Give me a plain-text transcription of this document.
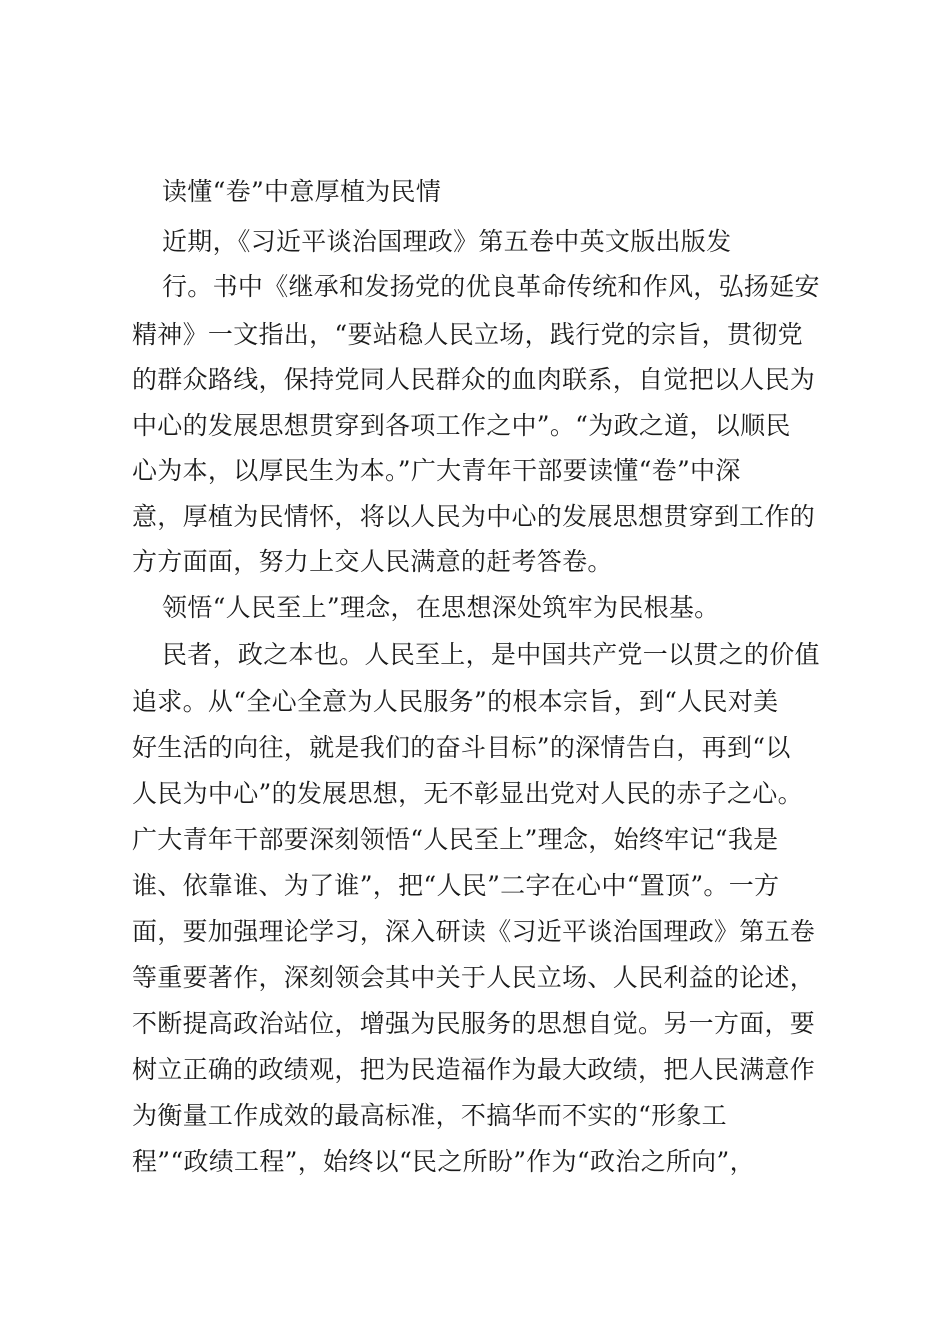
读懂“卷”中意厚植为民情
近期，《习近平谈治国理政》第五卷中英文版出版发
行。书中《继承和发扬党的优良革命传统和作风，弘扬延安
精神》一文指出，“要站稳人民立场，践行党的宗旨，贯彻党
的群众路线，保持党同人民群众的血肉联系，自觉把以人民为
中心的发展思想贯穿到各项工作之中”。“为政之道，以顺民
心为本，以厚民生为本。”广大青年干部要读懂“卷”中深
意，厚植为民情怀，将以人民为中心的发展思想贯穿到工作的
方方面面，努力上交人民满意的赶考答卷。
领悟“人民至上”理念，在思想深处筑牢为民根基。
民者，政之本也。人民至上，是中国共产党一以贯之的价值
追求。从“全心全意为人民服务”的根本宗旨，到“人民对美
好生活的向往，就是我们的奋斗目标”的深情告白，再到“以
人民为中心”的发展思想，无不彰显出党对人民的赤子之心。
广大青年干部要深刻领悟“人民至上”理念，始终牢记“我是
谁、依靠谁、为了谁”，把“人民”二字在心中“置顶”。一方
面，要加强理论学习，深入研读《习近平谈治国理政》第五卷
等重要著作，深刻领会其中关于人民立场、人民利益的论述，
不断提高政治站位，增强为民服务的思想自觉。另一方面，要
树立正确的政绩观，把为民造福作为最大政绩，把人民满意作
为衡量工作成效的最高标准，不搞华而不实的“形象工
程”“政绩工程”，始终以“民之所盼”作为“政治之所向”，
